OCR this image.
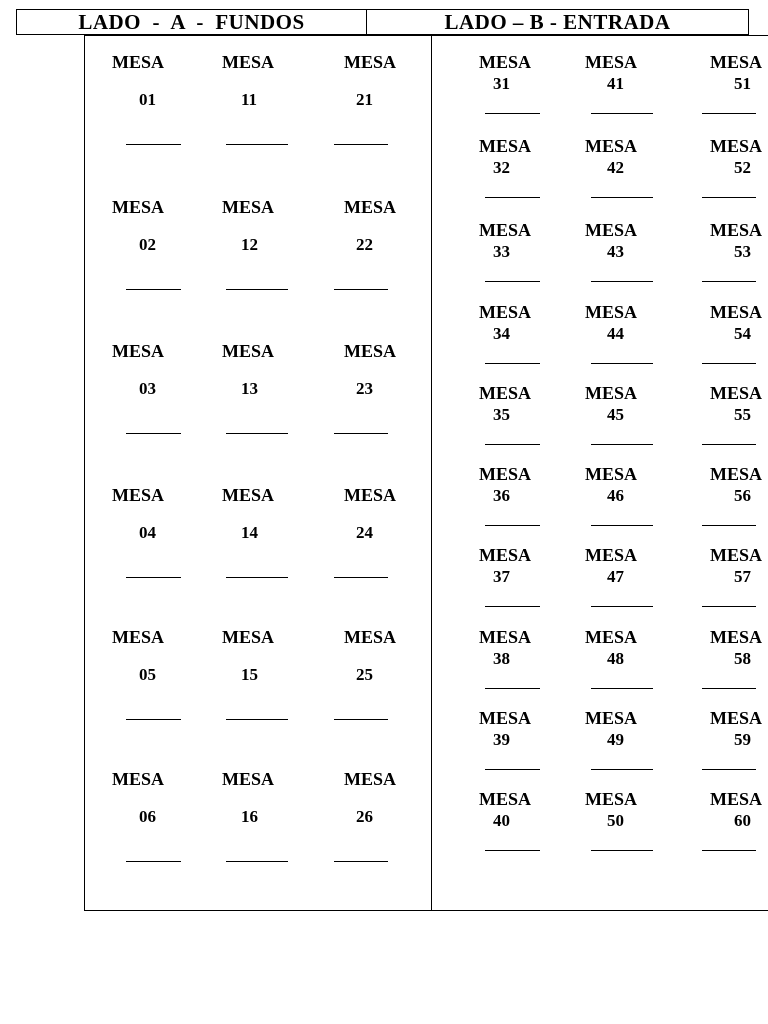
LADO  -  A  -  FUNDOS	LADO – B - ENTRADA
MESA
01
MESA
11
MESA
21
MESA
02
MESA
12
MESA
22
MESA
03
MESA
13
MESA
23
MESA
04
MESA
14
MESA
24
MESA
05
MESA
15
MESA
25
MESA
06
MESA
16
MESA
26
MESA
31
MESA
41
MESA
51
MESA
32
MESA
42
MESA
52
MESA
33
MESA
43
MESA
53
MESA
34
MESA
44
MESA
54
MESA
35
MESA
45
MESA
55
MESA
36
MESA
46
MESA
56
MESA
37
MESA
47
MESA
57
MESA
38
MESA
48
MESA
58
MESA
39
MESA
49
MESA
59
MESA
40
MESA
50
MESA
60
